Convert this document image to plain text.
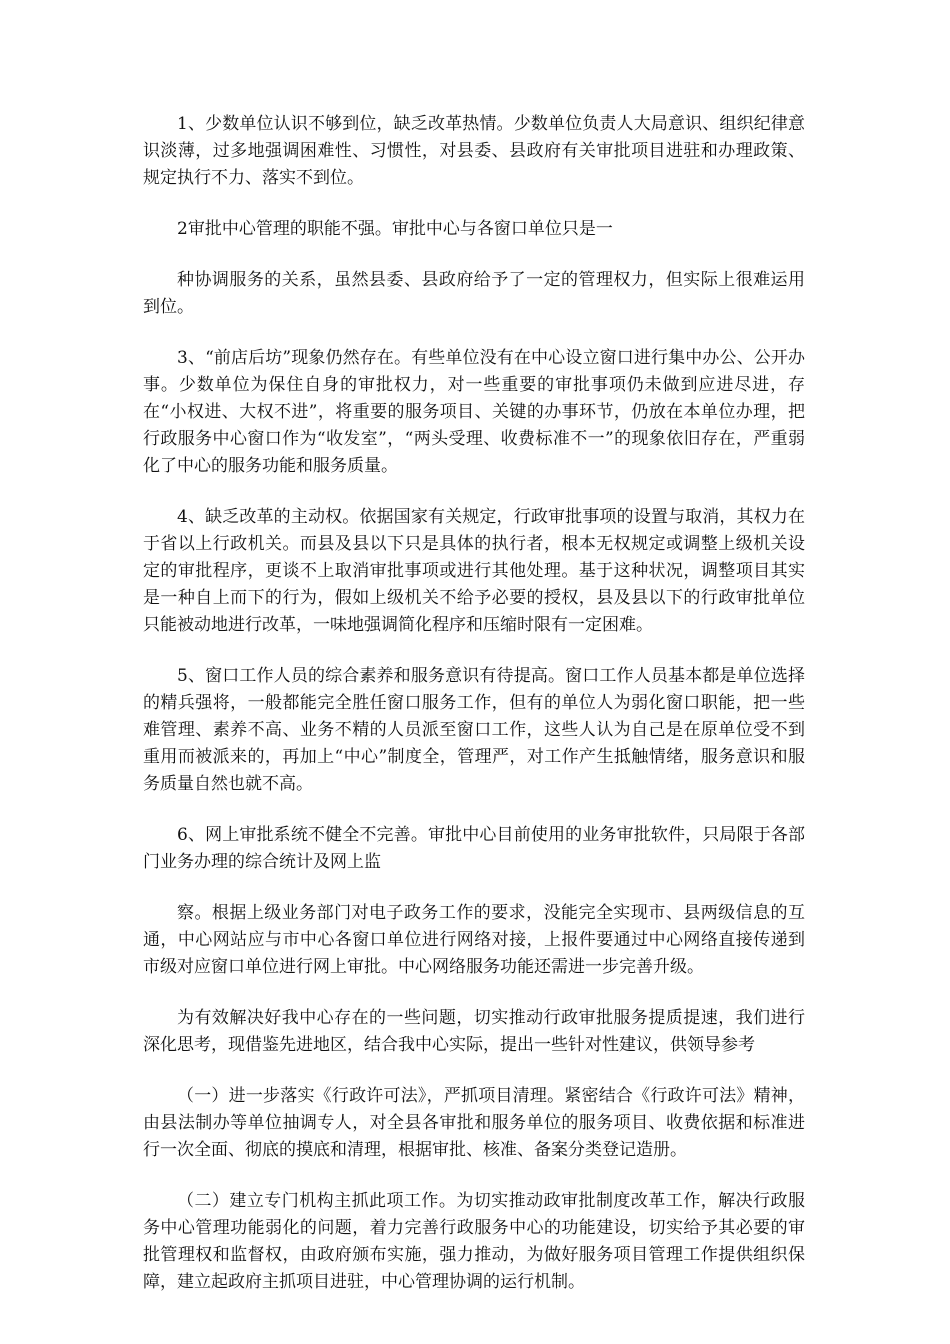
1、少数单位认识不够到位，缺乏改革热情。少数单位负责人大局意识、组织纪律意识淡薄，过多地强调困难性、习惯性，对县委、县政府有关审批项目进驻和办理政策、规定执行不力、落实不到位。

2审批中心管理的职能不强。审批中心与各窗口单位只是一

种协调服务的关系，虽然县委、县政府给予了一定的管理权力，但实际上很难运用到位。

3、“前店后坊”现象仍然存在。有些单位没有在中心设立窗口进行集中办公、公开办事。少数单位为保住自身的审批权力，对一些重要的审批事项仍未做到应进尽进，存在“小权进、大权不进”，将重要的服务项目、关键的办事环节，仍放在本单位办理，把行政服务中心窗口作为“收发室”，“两头受理、收费标准不一”的现象依旧存在，严重弱化了中心的服务功能和服务质量。

4、缺乏改革的主动权。依据国家有关规定，行政审批事项的设置与取消，其权力在于省以上行政机关。而县及县以下只是具体的执行者，根本无权规定或调整上级机关设定的审批程序，更谈不上取消审批事项或进行其他处理。基于这种状况，调整项目其实是一种自上而下的行为，假如上级机关不给予必要的授权，县及县以下的行政审批单位只能被动地进行改革，一味地强调简化程序和压缩时限有一定困难。

5、窗口工作人员的综合素养和服务意识有待提高。窗口工作人员基本都是单位选择的精兵强将，一般都能完全胜任窗口服务工作，但有的单位人为弱化窗口职能，把一些难管理、素养不高、业务不精的人员派至窗口工作，这些人认为自己是在原单位受不到重用而被派来的，再加上“中心”制度全，管理严，对工作产生抵触情绪，服务意识和服务质量自然也就不高。

6、网上审批系统不健全不完善。审批中心目前使用的业务审批软件，只局限于各部门业务办理的综合统计及网上监

察。根据上级业务部门对电子政务工作的要求，没能完全实现市、县两级信息的互通，中心网站应与市中心各窗口单位进行网络对接，上报件要通过中心网络直接传递到市级对应窗口单位进行网上审批。中心网络服务功能还需进一步完善升级。

为有效解决好我中心存在的一些问题，切实推动行政审批服务提质提速，我们进行深化思考，现借鉴先进地区，结合我中心实际，提出一些针对性建议，供领导参考

（一）进一步落实《行政许可法》，严抓项目清理。紧密结合《行政许可法》精神，由县法制办等单位抽调专人，对全县各审批和服务单位的服务项目、收费依据和标准进行一次全面、彻底的摸底和清理，根据审批、核准、备案分类登记造册。

（二）建立专门机构主抓此项工作。为切实推动政审批制度改革工作，解决行政服务中心管理功能弱化的问题，着力完善行政服务中心的功能建设，切实给予其必要的审批管理权和监督权，由政府颁布实施，强力推动，为做好服务项目管理工作提供组织保障，建立起政府主抓项目进驻，中心管理协调的运行机制。
